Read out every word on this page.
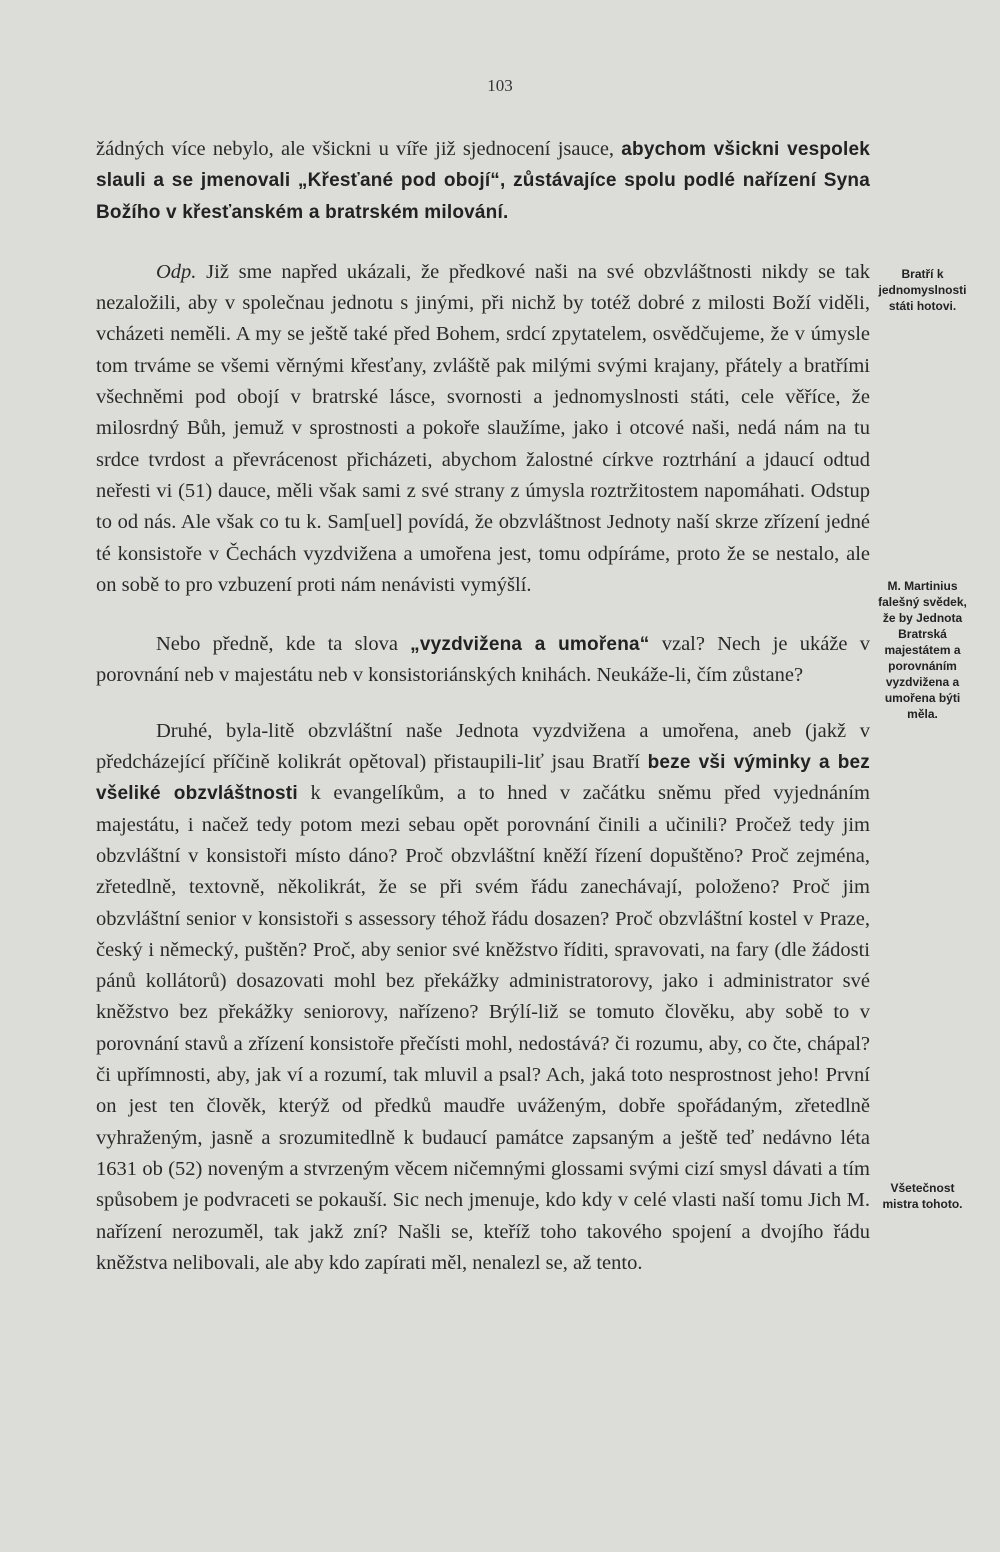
103

žádných více nebylo, ale všickni u víře již sjednocení jsauce, abychom všickni vespolek slauli a se jmenovali „Křesťané pod obojí“, zůstávajíce spolu podlé nařízení Syna Božího v křesťanském a bratrském milování.

Odp. Již sme napřed ukázali, že předkové naši na své obzvláštnosti nikdy se tak nezaložili, aby v společnau jednotu s jinými, při nichž by totéž dobré z milosti Boží viděli, vcházeti neměli. A my se ještě také před Bohem, srdcí zpytatelem, osvědčujeme, že v úmysle tom trváme se všemi věrnými křesťany, zvláště pak milými svými krajany, přátely a bratřími všechněmi pod obojí v bratrské lásce, svornosti a jednomyslnosti státi, cele věříce, že milosrdný Bůh, jemuž v sprostnosti a pokoře slaužíme, jako i otcové naši, nedá nám na tu srdce tvrdost a převrácenost přicházeti, abychom žalostné církve roztrhání a jdaucí odtud neřesti vi (51) dauce, měli však sami z své strany z úmysla roztržitostem napomáhati. Odstup to od nás. Ale však co tu k. Sam[uel] povídá, že obzvláštnost Jednoty naší skrze zřízení jedné té konsistoře v Čechách vyzdvižena a umořena jest, tomu odpíráme, proto že se nestalo, ale on sobě to pro vzbuzení proti nám nenávisti vymýšlí.

Nebo předně, kde ta slova „vyzdvižena a umořena“ vzal? Nech je ukáže v porovnání neb v majestátu neb v konsistoriánských knihách. Neukáže-li, čím zůstane?

Druhé, byla-litě obzvláštní naše Jednota vyzdvižena a umořena, aneb (jakž v předcházející příčině kolikrát opětoval) přistaupili-liť jsau Bratří beze vši výminky a bez všeliké obzvláštnosti k evangelíkům, a to hned v začátku sněmu před vyjednáním majestátu, i načež tedy potom mezi sebau opět porovnání činili a učinili? Pročež tedy jim obzvláštní v konsistoři místo dáno? Proč obzvláštní kněží řízení dopuštěno? Proč zejména, zřetedlně, textovně, několikrát, že se při svém řádu zanechávají, položeno? Proč jim obzvláštní senior v konsistoři s assessory téhož řádu dosazen? Proč obzvláštní kostel v Praze, český i německý, puštěn? Proč, aby senior své kněžstvo říditi, spravovati, na fary (dle žádosti pánů kollátorů) dosazovati mohl bez překážky administratorovy, jako i administrator své kněžstvo bez překážky seniorovy, nařízeno? Brýlí-liž se tomuto člověku, aby sobě to v porovnání stavů a zřízení konsistoře přečísti mohl, nedostává? či rozumu, aby, co čte, chápal? či upřímnosti, aby, jak ví a rozumí, tak mluvil a psal? Ach, jaká toto nesprostnost jeho! První on jest ten člověk, kterýž od předků maudře uváženým, dobře spořádaným, zřetedlně vyhraženým, jasně a srozumitedlně k budaucí památce zapsaným a ještě teď nedávno léta 1631 ob (52) noveným a stvrzeným věcem ničemnými glossami svými cizí smysl dávati a tím spůsobem je podvraceti se pokauší. Sic nech jmenuje, kdo kdy v celé vlasti naší tomu Jich M. nařízení nerozuměl, tak jakž zní? Našli se, kteříž toho takového spojení a dvojího řádu kněžstva nelibovali, ale aby kdo zapírati měl, nenalezl se, až tento.

Bratří k jednomyslnosti státi hotovi.
M. Martinius falešný svědek, že by Jednota Bratrská majestátem a porovnáním vyzdvižena a umořena býti měla.
Všetečnost mistra tohoto.
